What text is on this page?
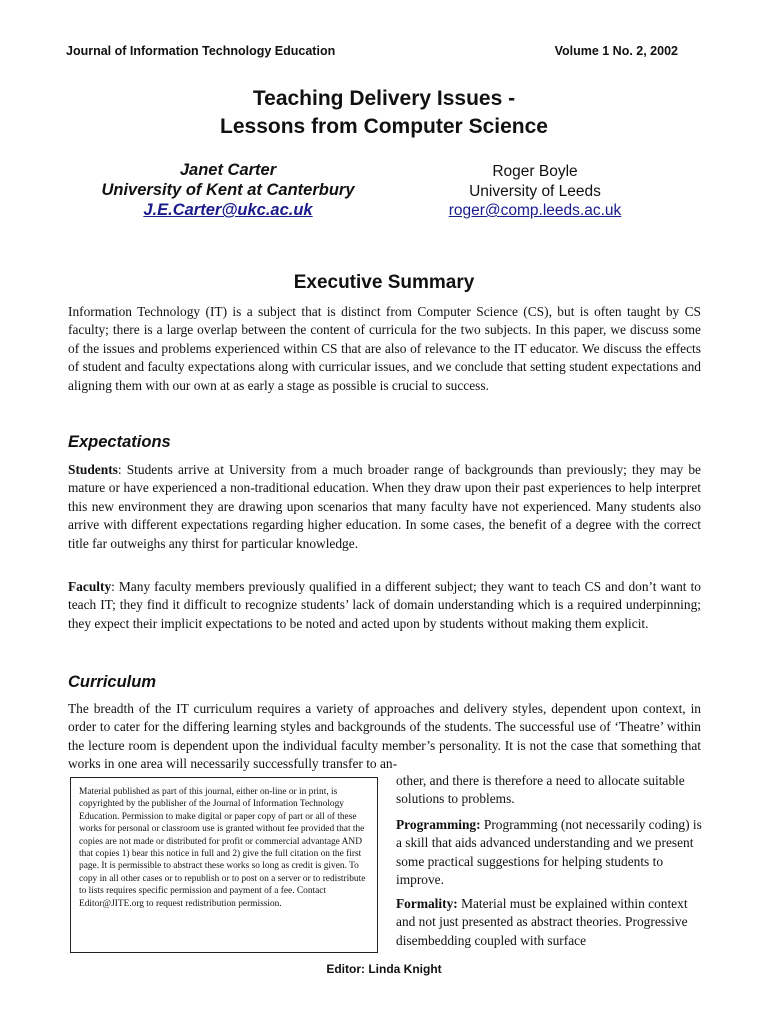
Journal of Information Technology Education	Volume 1 No. 2, 2002
Teaching Delivery Issues -
Lessons from Computer Science
Janet Carter
University of Kent at Canterbury
J.E.Carter@ukc.ac.uk
Roger Boyle
University of Leeds
roger@comp.leeds.ac.uk
Executive Summary
Information Technology (IT) is a subject that is distinct from Computer Science (CS), but is often taught by CS faculty; there is a large overlap between the content of curricula for the two subjects. In this paper, we discuss some of the issues and problems experienced within CS that are also of relevance to the IT educator. We discuss the effects of student and faculty expectations along with curricular issues, and we conclude that setting student expectations and aligning them with our own at as early a stage as possible is crucial to success.
Expectations
Students: Students arrive at University from a much broader range of backgrounds than previously; they may be mature or have experienced a non-traditional education. When they draw upon their past experiences to help interpret this new environment they are drawing upon scenarios that many faculty have not experienced. Many students also arrive with different expectations regarding higher education. In some cases, the benefit of a degree with the correct title far outweighs any thirst for particular knowledge.
Faculty: Many faculty members previously qualified in a different subject; they want to teach CS and don’t want to teach IT; they find it difficult to recognize students’ lack of domain understanding which is a required underpinning; they expect their implicit expectations to be noted and acted upon by students without making them explicit.
Curriculum
The breadth of the IT curriculum requires a variety of approaches and delivery styles, dependent upon context, in order to cater for the differing learning styles and backgrounds of the students. The successful use of ‘Theatre’ within the lecture room is dependent upon the individual faculty member’s personality. It is not the case that something that works in one area will necessarily successfully transfer to an-
Material published as part of this journal, either on-line or in print, is copyrighted by the publisher of the Journal of Information Technology Education. Permission to make digital or paper copy of part or all of these works for personal or classroom use is granted without fee provided that the copies are not made or distributed for profit or commercial advantage AND that copies 1) bear this notice in full and 2) give the full citation on the first page. It is permissible to abstract these works so long as credit is given. To copy in all other cases or to republish or to post on a server or to redistribute to lists requires specific permission and payment of a fee. Contact Editor@JITE.org to request redistribution permission.
other, and there is therefore a need to allocate suitable solutions to problems.
Programming: Programming (not necessarily coding) is a skill that aids advanced understanding and we present some practical suggestions for helping students to improve.
Formality: Material must be explained within context and not just presented as abstract theories. Progressive disembedding coupled with surface
Editor: Linda Knight
